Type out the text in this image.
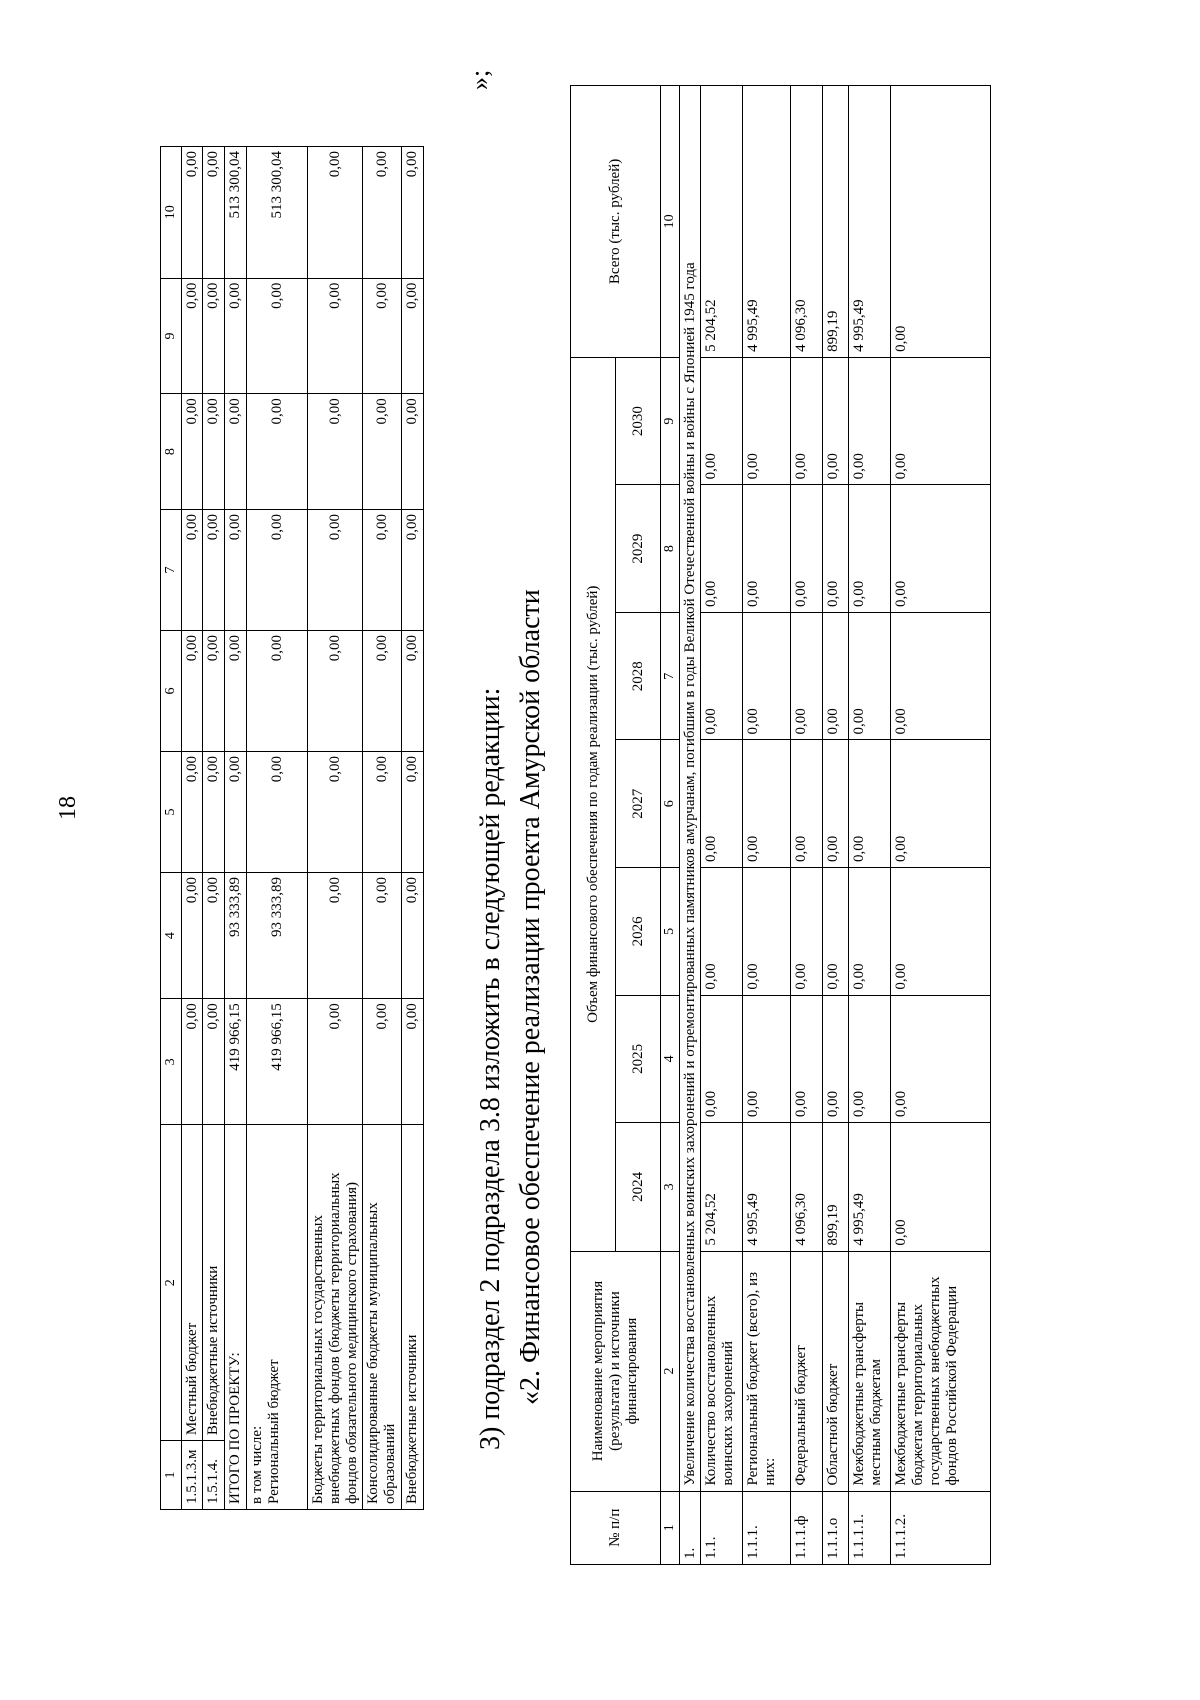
18
1	2	3	4	5	6	7	8	9	10
1.5.1.3.м	Местный бюджет	0,00	0,00	0,00	0,00	0,00	0,00	0,00	0,00
1.5.1.4.	Внебюджетные источники	0,00	0,00	0,00	0,00	0,00	0,00	0,00	0,00
ИТОГО ПО ПРОЕКТУ:		419 966,15	93 333,89	0,00	0,00	0,00	0,00	0,00	513 300,04
в том числе:
Региональный бюджет		419 966,15	93 333,89	0,00	0,00	0,00	0,00	0,00	513 300,04
Бюджеты территориальных государственных внебюджетных фондов (бюджеты территориальных фондов обязательного медицинского страхования)		0,00	0,00	0,00	0,00	0,00	0,00	0,00	0,00
Консолидированные бюджеты муниципальных образований		0,00	0,00	0,00	0,00	0,00	0,00	0,00	0,00
Внебюджетные источники		0,00	0,00	0,00	0,00	0,00	0,00	0,00	0,00
»;
3) подраздел 2 подраздела 3.8 изложить в следующей редакции: «2. Финансовое обеспечение реализации проекта Амурской области
№ п/п	Наименование мероприятия (результата) и источники финансирования	Объем финансового обеспечения по годам реализации (тыс. рублей)							Всего (тыс. рублей)
		2024	2025	2026	2027	2028	2029	2030	
1	2	3	4	5	6	7	8	9	10
1.	Увеличение количества восстановленных воинских захоронений и отремонтированных памятников амурчанам, погибшим в годы Великой Отечественной войны и войны с Японией 1945 года								
1.1.	Количество восстановленных воинских захоронений	5 204,52	0,00	0,00	0,00	0,00	0,00	0,00	5 204,52
1.1.1.	Региональный бюджет (всего), из них:	4 995,49	0,00	0,00	0,00	0,00	0,00	0,00	4 995,49
1.1.1.ф	Федеральный бюджет	4 096,30	0,00	0,00	0,00	0,00	0,00	0,00	4 096,30
1.1.1.о	Областной бюджет	899,19	0,00	0,00	0,00	0,00	0,00	0,00	899,19
1.1.1.1.	Межбюджетные трансферты местным бюджетам	4 995,49	0,00	0,00	0,00	0,00	0,00	0,00	4 995,49
1.1.1.2.	Межбюджетные трансферты бюджетам территориальных государственных внебюджетных фондов Российской Федерации	0,00	0,00	0,00	0,00	0,00	0,00	0,00	0,00
